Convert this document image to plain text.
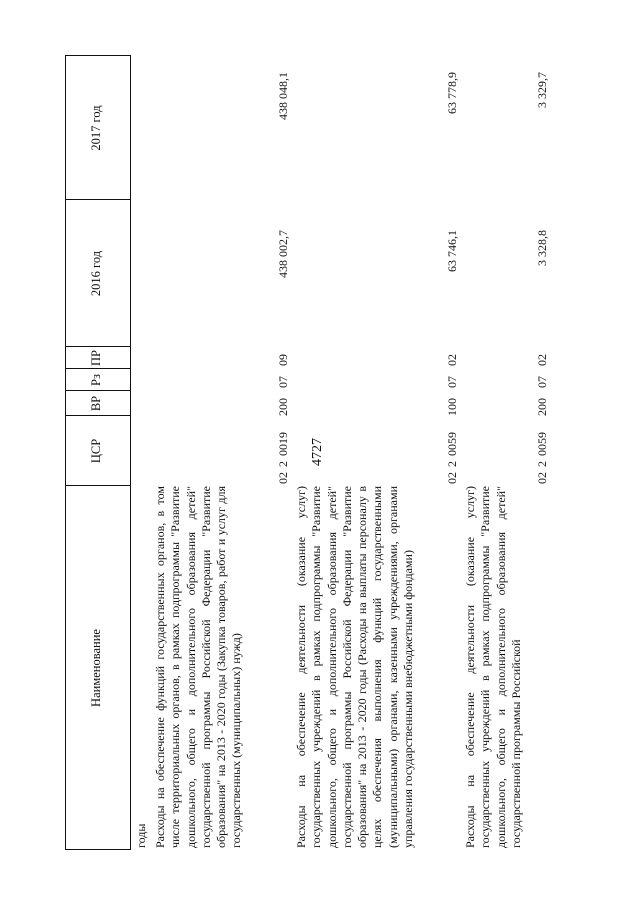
4727
Наименование
ЦСР
ВР
Рз
ПР
2016 год
2017 год
годы Расходы на обеспечение функций государственных органов, в том числе территориальных органов, в рамках подпрограммы "Развитие дошкольного, общего и дополнительного образования детей" государственной программы Российской Федерации "Развитие образования" на 2013 - 2020 годы (Закупка товаров, работ и услуг для государственных (муниципальных) нужд)
02 2 0019
200
07
09
438 002,7
438 048,1
Расходы на обеспечение деятельности (оказание услуг) государственных учреждений в рамках подпрограммы "Развитие дошкольного, общего и дополнительного образования детей" государственной программы Российской Федерации "Развитие образования" на 2013 - 2020 годы (Расходы на выплаты персоналу в целях обеспечения выполнения функций государственными (муниципальными) органами, казенными учреждениями, органами управления государственными внебюджетными фондами)
02 2 0059
100
07
02
63 746,1
63 778,9
Расходы на обеспечение деятельности (оказание услуг) государственных учреждений в рамках подпрограммы "Развитие дошкольного, общего и дополнительного образования детей" государственной программы Российской
02 2 0059
200
07
02
3 328,8
3 329,7
